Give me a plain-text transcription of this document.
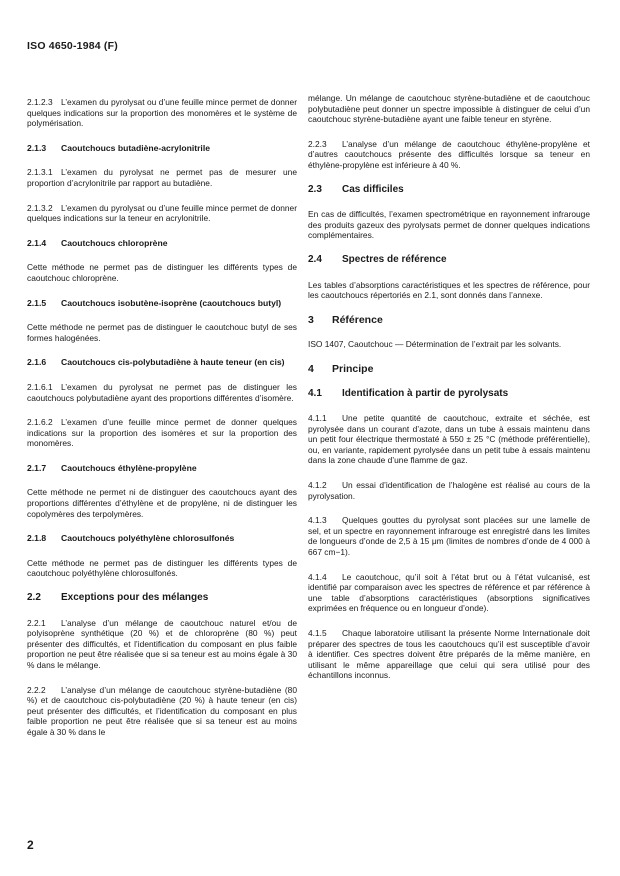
ISO 4650-1984 (F)

2.1.2.3 L’examen du pyrolysat ou d’une feuille mince permet de donner quelques indications sur la proportion des monomères et le système de polymérisation.

2.1.3 Caoutchoucs butadiène-acrylonitrile

2.1.3.1 L’examen du pyrolysat ne permet pas de mesurer une proportion d’acrylonitrile par rapport au butadiène.

2.1.3.2 L’examen du pyrolysat ou d’une feuille mince permet de donner quelques indications sur la teneur en acrylonitrile.

2.1.4 Caoutchoucs chloroprène

Cette méthode ne permet pas de distinguer les différents types de caoutchouc chloroprène.

2.1.5 Caoutchoucs isobutène-isoprène (caoutchoucs butyl)

Cette méthode ne permet pas de distinguer le caoutchouc butyl de ses formes halogénées.

2.1.6 Caoutchoucs cis-polybutadiène à haute teneur (en cis)

2.1.6.1 L’examen du pyrolysat ne permet pas de distinguer les caoutchoucs polybutadiène ayant des proportions différentes d’isomère.

2.1.6.2 L’examen d’une feuille mince permet de donner quelques indications sur la proportion des isomères et sur la proportion des monomères.

2.1.7 Caoutchoucs éthylène-propylène

Cette méthode ne permet ni de distinguer des caoutchoucs ayant des proportions différentes d’éthylène et de propylène, ni de distinguer les copolymères des terpolymères.

2.1.8 Caoutchoucs polyéthylène chlorosulfonés

Cette méthode ne permet pas de distinguer les différents types de caoutchouc polyéthylène chlorosulfonés.

2.2 Exceptions pour des mélanges

2.2.1 L’analyse d’un mélange de caoutchouc naturel et/ou de polyisoprène synthétique (20 %) et de chloroprène (80 %) peut présenter des difficultés, et l’identification du composant en plus faible proportion ne peut être réalisée que si sa teneur est au moins égale à 30 % dans le mélange.

2.2.2 L’analyse d’un mélange de caoutchouc styrène-butadiène (80 %) et de caoutchouc cis-polybutadiène (20 %) à haute teneur (en cis) peut présenter des difficultés, et l’identification du composant en plus faible proportion ne peut être réalisée que si sa teneur est au moins égale à 30 % dans le

mélange. Un mélange de caoutchouc styrène-butadiène et de caoutchouc polybutadiène peut donner un spectre impossible à distinguer de celui d’un caoutchouc styrène-butadiène ayant une faible teneur en styrène.

2.2.3 L’analyse d’un mélange de caoutchouc éthylène-propylène et d’autres caoutchoucs présente des difficultés lorsque sa teneur en éthylène-propylène est inférieure à 40 %.

2.3 Cas difficiles

En cas de difficultés, l’examen spectrométrique en rayonnement infrarouge des produits gazeux des pyrolysats permet de donner quelques indications complémentaires.

2.4 Spectres de référence

Les tables d’absorptions caractéristiques et les spectres de référence, pour les caoutchoucs répertoriés en 2.1, sont donnés dans l’annexe.

3 Référence

ISO 1407, Caoutchouc — Détermination de l’extrait par les solvants.

4 Principe
4.1 Identification à partir de pyrolysats

4.1.1 Une petite quantité de caoutchouc, extraite et séchée, est pyrolysée dans un courant d’azote, dans un tube à essais maintenu dans un petit four électrique thermostaté à 550 ± 25 °C (méthode préférentielle), ou, en variante, rapidement pyrolysée dans un petit tube à essais maintenu dans la zone chaude d’une flamme de gaz.

4.1.2 Un essai d’identification de l’halogène est réalisé au cours de la pyrolysation.

4.1.3 Quelques gouttes du pyrolysat sont placées sur une lamelle de sel, et un spectre en rayonnement infrarouge est enregistré dans les limites de longueurs d’onde de 2,5 à 15 μm (limites de nombres d’onde de 4 000 à 667 cm−1).

4.1.4 Le caoutchouc, qu’il soit à l’état brut ou à l’état vulcanisé, est identifié par comparaison avec les spectres de référence et par référence à une table d’absorptions caractéristiques (absorptions significatives exprimées en fréquence ou en longueur d’onde).

4.1.5 Chaque laboratoire utilisant la présente Norme Internationale doit préparer des spectres de tous les caoutchoucs qu’il est susceptible d’avoir à identifier. Ces spectres doivent être préparés de la même manière, en utilisant le même appareillage que celui qui sera utilisé pour des échantillons inconnus.

2
